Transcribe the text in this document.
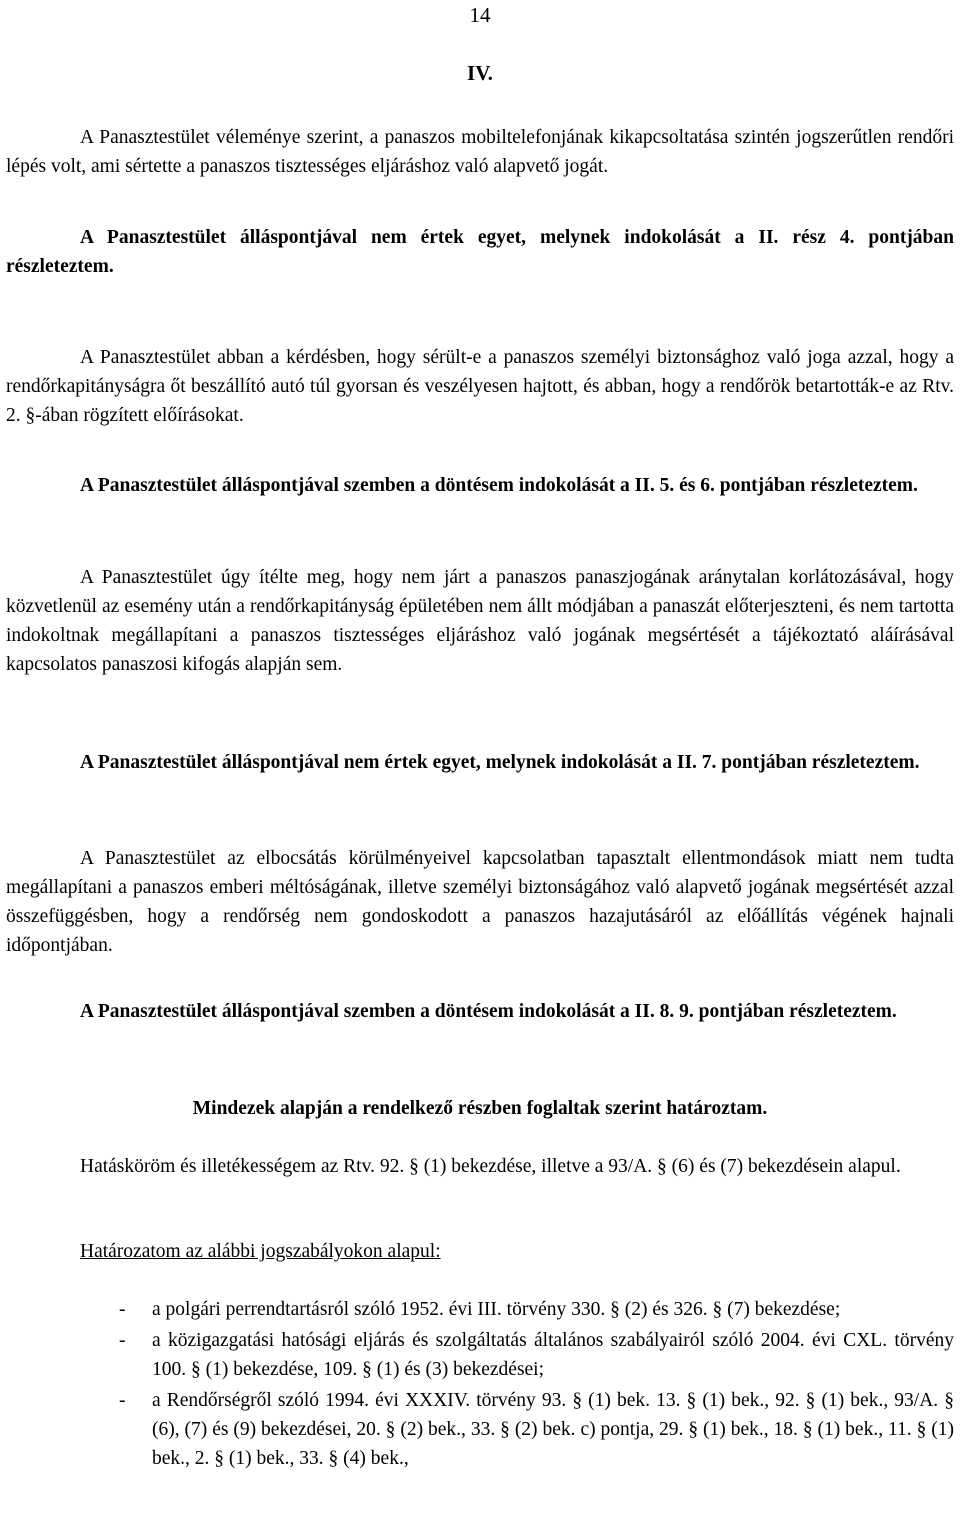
14
IV.

A Panasztestület véleménye szerint, a panaszos mobiltelefonjának kikapcsoltatása szintén jogszerűtlen rendőri lépés volt, ami sértette a panaszos tisztességes eljáráshoz való alapvető jogát.

A Panasztestület álláspontjával nem értek egyet, melynek indokolását a II. rész 4. pontjában részleteztem.

A Panasztestület abban a kérdésben, hogy sérült-e a panaszos személyi biztonsághoz való joga azzal, hogy a rendőrkapitányságra őt beszállító autó túl gyorsan és veszélyesen hajtott, és abban, hogy a rendőrök betartották-e az Rtv. 2. §-ában rögzített előírásokat.

A Panasztestület álláspontjával szemben a döntésem indokolását a II. 5. és 6. pontjában részleteztem.

A Panasztestület úgy ítélte meg, hogy nem járt a panaszos panaszjogának aránytalan korlátozásával, hogy közvetlenül az esemény után a rendőrkapitányság épületében nem állt módjában a panaszát előterjeszteni, és nem tartotta indokoltnak megállapítani a panaszos tisztességes eljáráshoz való jogának megsértését a tájékoztató aláírásával kapcsolatos panaszosi kifogás alapján sem.

A Panasztestület álláspontjával nem értek egyet, melynek indokolását a II. 7. pontjában részleteztem.

A Panasztestület az elbocsátás körülményeivel kapcsolatban tapasztalt ellentmondások miatt nem tudta megállapítani a panaszos emberi méltóságának, illetve személyi biztonságához való alapvető jogának megsértését azzal összefüggésben, hogy a rendőrség nem gondoskodott a panaszos hazajutásáról az előállítás végének hajnali időpontjában.

A Panasztestület álláspontjával szemben a döntésem indokolását a II. 8. 9. pontjában részleteztem.

Mindezek alapján a rendelkező részben foglaltak szerint határoztam.

Hatásköröm és illetékességem az Rtv. 92. § (1) bekezdése, illetve a 93/A. § (6) és (7) bekezdésein alapul.

Határozatom az alábbi jogszabályokon alapul:

- a polgári perrendtartásról szóló 1952. évi III. törvény 330. § (2) és 326. § (7) bekezdése;
- a közigazgatási hatósági eljárás és szolgáltatás általános szabályairól szóló 2004. évi CXL. törvény 100. § (1) bekezdése, 109. § (1) és (3) bekezdései;
- a Rendőrségről szóló 1994. évi XXXIV. törvény 93. § (1) bek. 13. § (1) bek., 92. § (1) bek., 93/A. § (6), (7) és (9) bekezdései, 20. § (2) bek., 33. § (2) bek. c) pontja, 29. § (1) bek., 18. § (1) bek., 11. § (1) bek., 2. § (1) bek., 33. § (4) bek.,
